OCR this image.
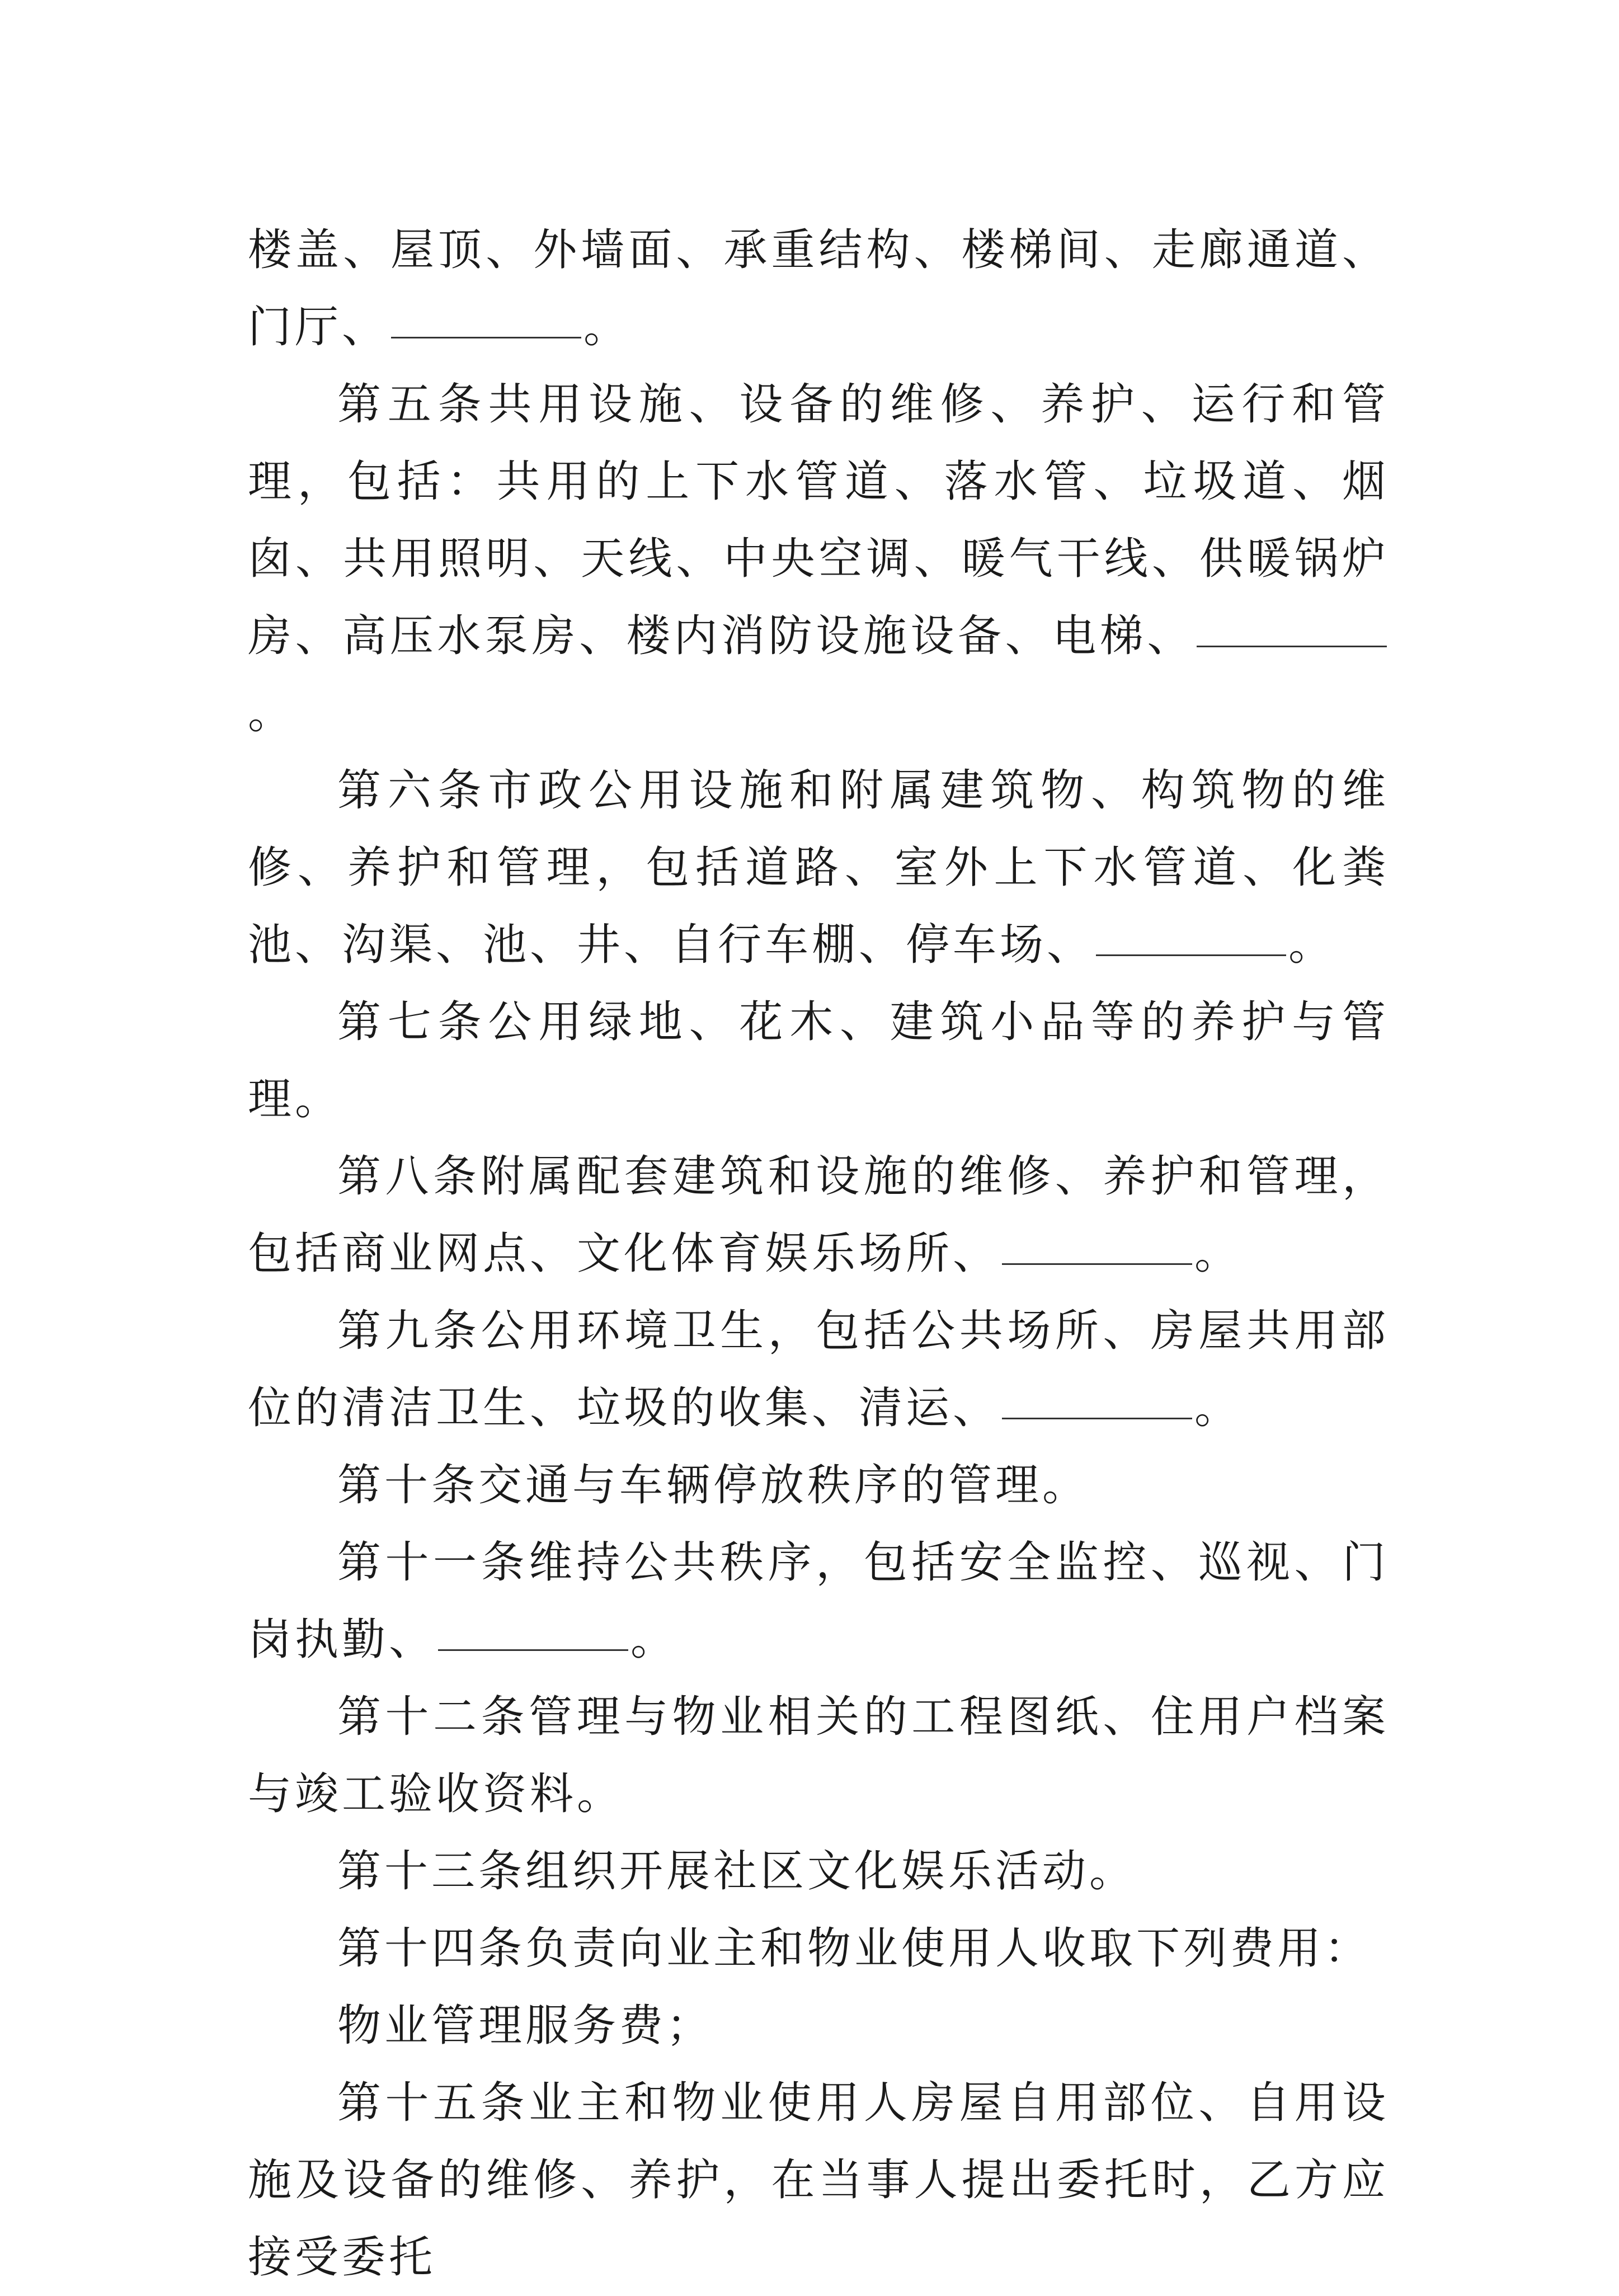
楼盖、屋顶、外墙面、承重结构、楼梯间、走廊通道、门厅、	。

第五条共用设施、设备的维修、养护、运行和管理，包括：共用的上下水管道、落水管、垃圾道、烟囱、共用照明、天线、中央空调、暖气干线、供暖锅炉房、高压水泵房、楼内消防设施设备、电梯、。

第六条市政公用设施和附属建筑物、构筑物的维修、养护和管理，包括道路、室外上下水管道、化粪池、沟渠、池、井、自行车棚、停车场、	。

第七条公用绿地、花木、建筑小品等的养护与管理。

第八条附属配套建筑和设施的维修、养护和管理，包括商业网点、文化体育娱乐场所、	。

第九条公用环境卫生，包括公共场所、房屋共用部位的清洁卫生、垃圾的收集、清运、	。

第十条交通与车辆停放秩序的管理。

第十一条维持公共秩序，包括安全监控、巡视、门岗执勤、	。

第十二条管理与物业相关的工程图纸、住用户档案与竣工验收资料。

第十三条组织开展社区文化娱乐活动。

第十四条负责向业主和物业使用人收取下列费用：

物业管理服务费；

第十五条业主和物业使用人房屋自用部位、自用设施及设备的维修、养护，在当事人提出委托时，乙方应接受委托
